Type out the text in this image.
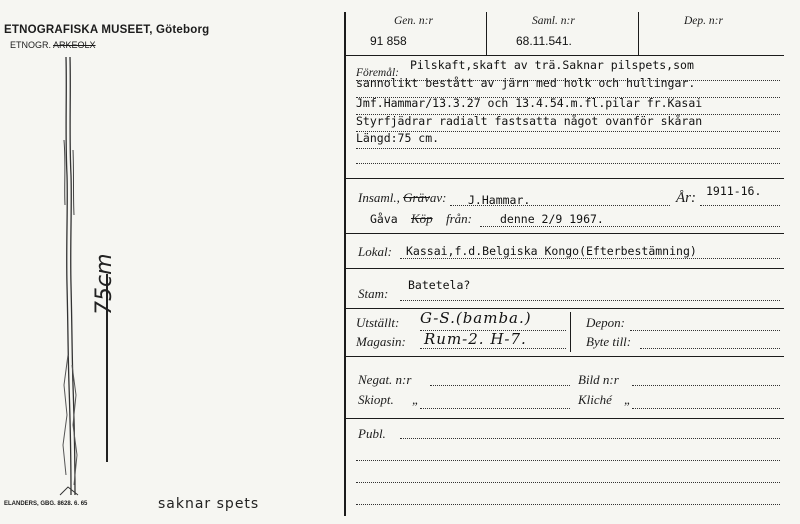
ETNOGRAFISKA MUSEET, Göteborg
ETNOGR. ARKEOLX
75cm
saknar spets
ELANDERS, GBG. 8628. 6. 65
Gen. n:r
91 858
Saml. n:r
68.11.541.
Dep. n:r
Föremål:
Pilskaft,skaft av trä.Saknar pilspets,som
sannolikt bestått av järn med holk och hullingar.
Jmf.Hammar/13.3.27 och 13.4.54.m.fl.pilar fr.Kasai
Styrfjädrar radialt fastsatta något ovanför skåran
Längd:75 cm.
Insaml., Grävav: J.Hammar.	År: 1911-16.
Gåva Köp från: denne 2/9 1967.
Lokal: Kassai,f.d.Belgiska Kongo(Efterbestämning)
Stam:
Batetela?
Utställt: G-S.(bamba.)
Magasin: Rum-2. H-7.
Depon:
Byte till:
Negat. n:r	Bild n:r
Skiopt. „	Kliché „
Publ.
